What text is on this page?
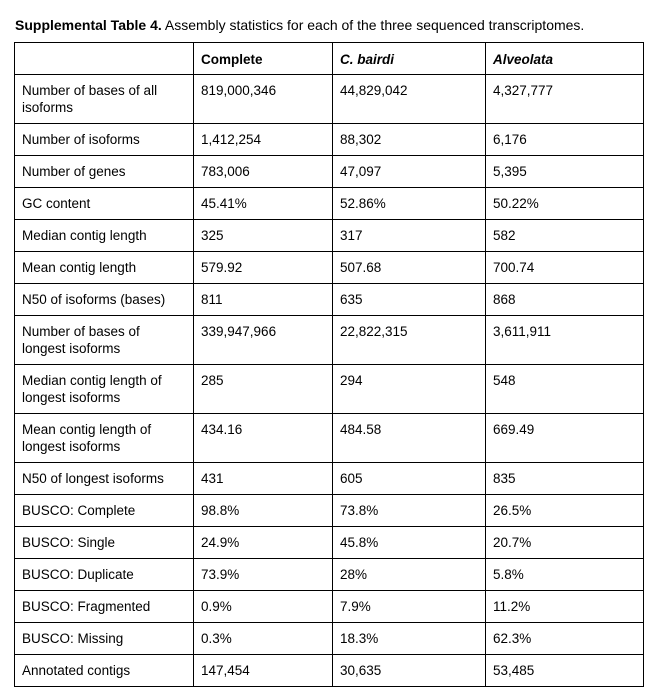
Supplemental Table 4. Assembly statistics for each of the three sequenced transcriptomes.

	Complete	C. bairdi	Alveolata
Number of bases of all isoforms	819,000,346	44,829,042	4,327,777
Number of isoforms	1,412,254	88,302	6,176
Number of genes	783,006	47,097	5,395
GC content	45.41%	52.86%	50.22%
Median contig length	325	317	582
Mean contig length	579.92	507.68	700.74
N50 of isoforms (bases)	811	635	868
Number of bases of longest isoforms	339,947,966	22,822,315	3,611,911
Median contig length of longest isoforms	285	294	548
Mean contig length of longest isoforms	434.16	484.58	669.49
N50 of longest isoforms	431	605	835
BUSCO: Complete	98.8%	73.8%	26.5%
BUSCO: Single	24.9%	45.8%	20.7%
BUSCO: Duplicate	73.9%	28%	5.8%
BUSCO: Fragmented	0.9%	7.9%	11.2%
BUSCO: Missing	0.3%	18.3%	62.3%
Annotated contigs	147,454	30,635	53,485
